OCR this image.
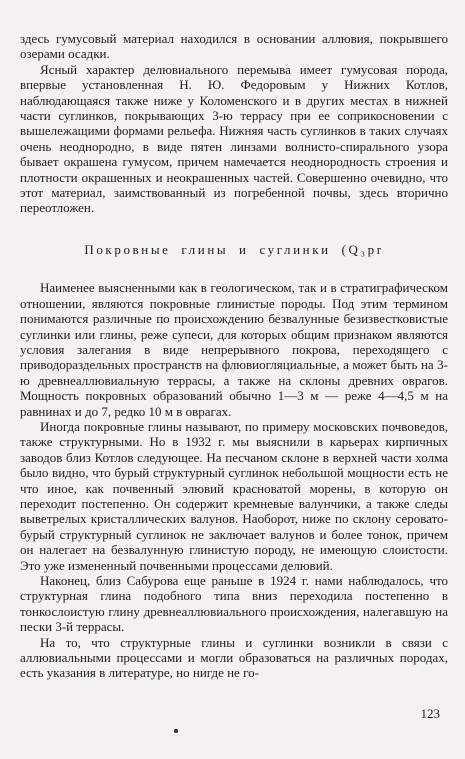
здесь гумусовый материал находился в основании аллювия, покрывшего озерами осадки.

Ясный характер делювиального перемыва имеет гумусовая порода, впервые установленная Н. Ю. Федоровым у Нижних Котлов, наблюдающаяся также ниже у Коломенского и в других местах в нижней части суглинков, покрывающих 3-ю террасу при ее соприкосновении с вышележащими формами рельефа. Нижняя часть суглинков в таких случаях очень неоднородно, в виде пятен линзами волнисто-спирального узора бывает окрашена гумусом, причем намечается неоднородность строения и плотности окрашенных и неокрашенных частей. Совершенно очевидно, что этот материал, заимствованный из погребенной почвы, здесь вторично переотложен.

Покровные глины и суглинки (Q₃pr

Наименее выясненными как в геологическом, так и в стратиграфическом отношении, являются покровные глинистые породы. Под этим термином понимаются различные по происхождению безвалунные безизвестковистые суглинки или глины, реже супеси, для которых общим признаком являются условия залегания в виде непрерывного покрова, переходящего с приводораздельных пространств на флювиогляциальные, а может быть на 3-ю древнеаллювиальную террасы, а также на склоны древних оврагов. Мощность покровных образований обычно 1—3 м — реже 4—4,5 м на равнинах и до 7, редко 10 м в оврагах.

Иногда покровные глины называют, по примеру московских почвоведов, также структурными. Но в 1932 г. мы выяснили в карьерах кирпичных заводов близ Котлов следующее. На песчаном склоне в верхней части холма было видно, что бурый структурный суглинок небольшой мощности есть не что иное, как почвенный элювий красноватой морены, в которую он переходит постепенно. Он содержит кремневые валунчики, а также следы выветрелых кристаллических валунов. Наоборот, ниже по склону серовато-бурый структурный суглинок не заключает валунов и более тонок, причем он налегает на безвалунную глинистую породу, не имеющую слоистости. Это уже измененный почвенными процессами делювий.

Наконец, близ Сабурова еще раньше в 1924 г. нами наблюдалось, что структурная глина подобного типа вниз переходила постепенно в тонкослоистую глину древнеаллювиального происхождения, налегавшую на пески 3-й террасы.

На то, что структурные глины и суглинки возникли в связи с аллювиальными процессами и могли образоваться на различных породах, есть указания в литературе, но нигде не го-

123
